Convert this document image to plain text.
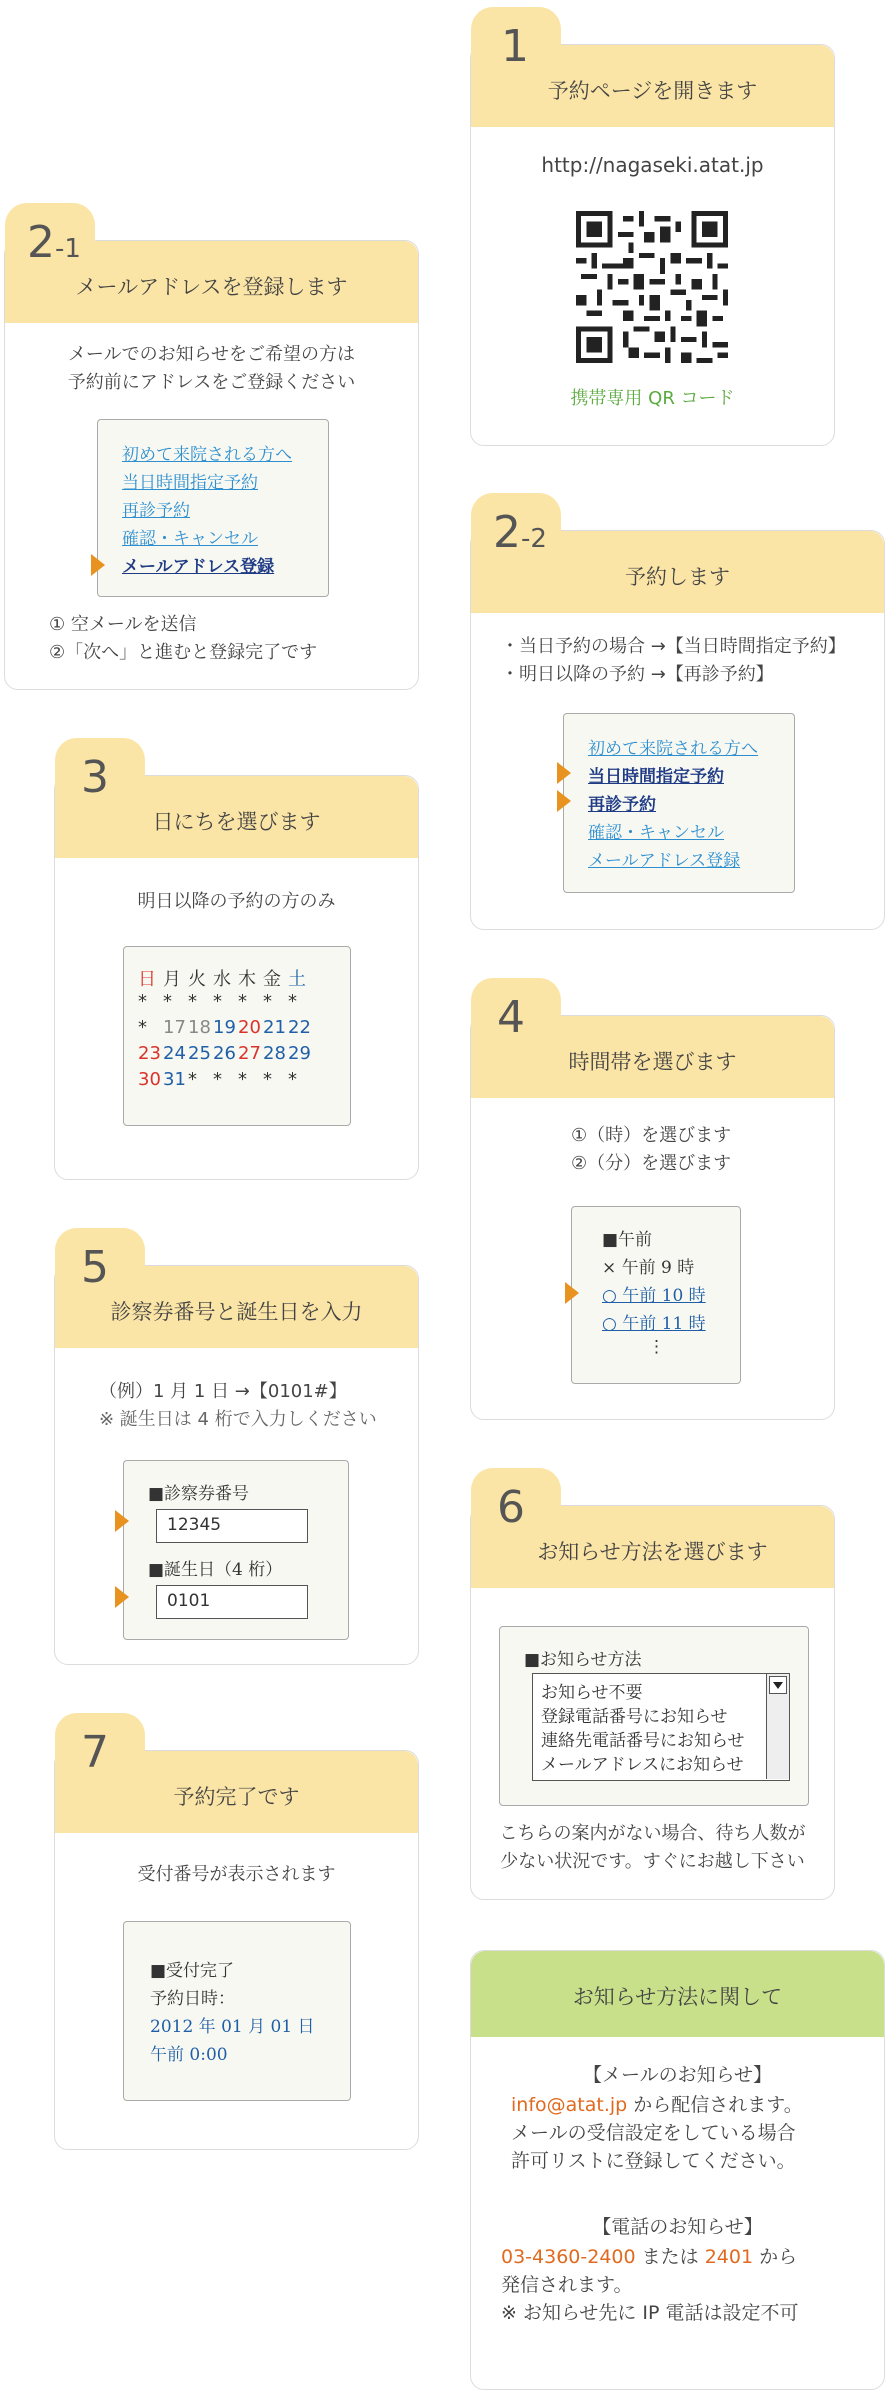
1
予約ページを開きます
http://nagaseki.atat.jp
携帯専用 QR コード
2-1
メールアドレスを登録します
メールでのお知らせをご希望の方は
予約前にアドレスをご登録ください
初めて来院される方へ
当日時間指定予約
再診予約
確認・キャンセル
メールアドレス登録
① 空メールを送信
②「次へ」と進むと登録完了です
2-2
予約します
・当日予約の場合 →【当日時間指定予約】
・明日以降の予約 →【再診予約】
初めて来院される方へ
当日時間指定予約
再診予約
確認・キャンセル
メールアドレス登録
3
日にちを選びます
明日以降の予約の方のみ
日 月 火 水 木 金 土
* * * * * * *
* 17 18 19 20 21 22
23 24 25 26 27 28 29
30 31 * * * * *
4
時間帯を選びます
①（時）を選びます
②（分）を選びます
■午前
× 午前 9 時
○ 午前 10 時
○ 午前 11 時
⋮
5
診察券番号と誕生日を入力
（例）1 月 1 日 →【0101#】
※ 誕生日は 4 桁で入力しください
■診察券番号
12345
■誕生日（4 桁）
0101
6
お知らせ方法を選びます
■お知らせ方法
お知らせ不要
登録電話番号にお知らせ
連絡先電話番号にお知らせ
メールアドレスにお知らせ
こちらの案内がない場合、待ち人数が
少ない状況です。すぐにお越し下さい
7
予約完了です
受付番号が表示されます
■受付完了
予約日時：
2012 年 01 月 01 日
午前 0:00
お知らせ方法に関して
【メールのお知らせ】
info@atat.jp から配信されます。
メールの受信設定をしている場合
許可リストに登録してください。
【電話のお知らせ】
03-4360-2400 または 2401 から
発信されます。
※ お知らせ先に IP 電話は設定不可
